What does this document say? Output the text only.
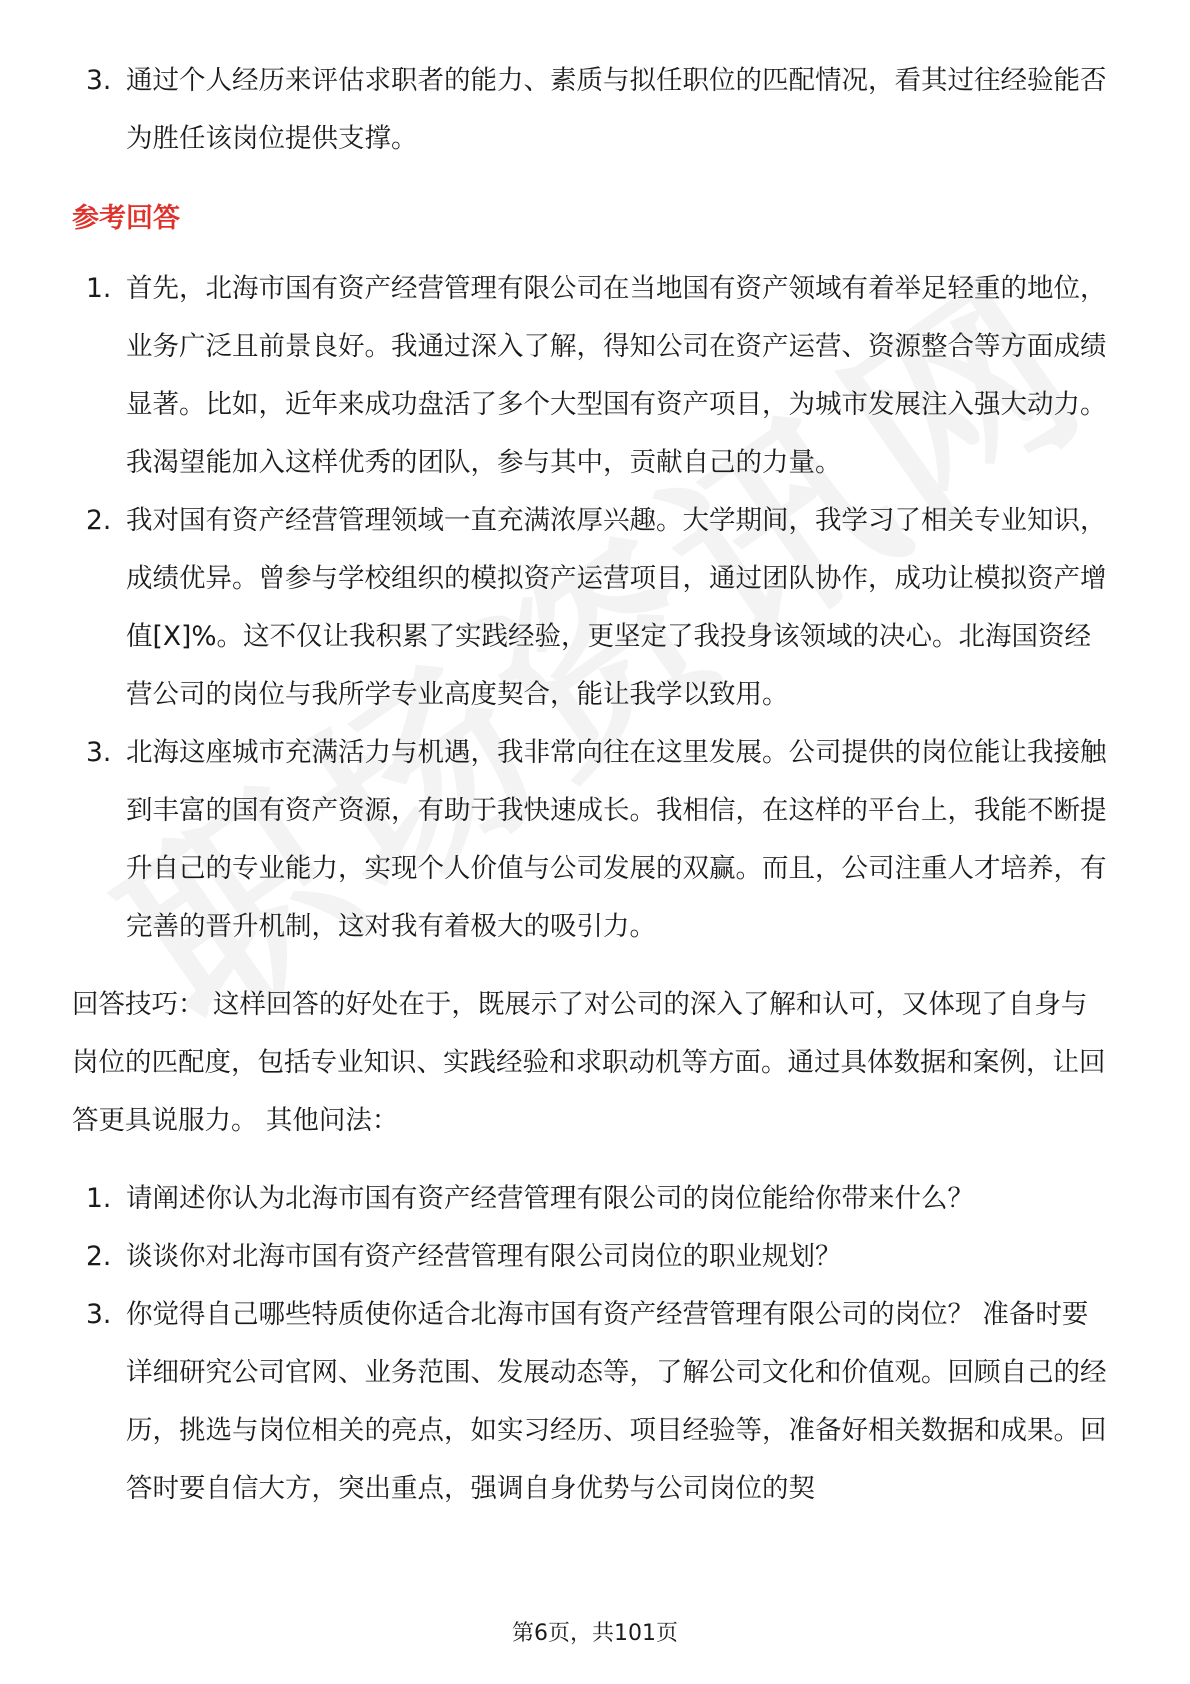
3. 通过个人经历来评估求职者的能力、素质与拟任职位的匹配情况，看其过往经验能否为胜任该岗位提供支撑。
参考回答
1. 首先，北海市国有资产经营管理有限公司在当地国有资产领域有着举足轻重的地位，业务广泛且前景良好。我通过深入了解，得知公司在资产运营、资源整合等方面成绩显著。比如，近年来成功盘活了多个大型国有资产项目，为城市发展注入强大动力。我渴望能加入这样优秀的团队，参与其中，贡献自己的力量。
2. 我对国有资产经营管理领域一直充满浓厚兴趣。大学期间，我学习了相关专业知识，成绩优异。曾参与学校组织的模拟资产运营项目，通过团队协作，成功让模拟资产增值[X]%。这不仅让我积累了实践经验，更坚定了我投身该领域的决心。北海国资经营公司的岗位与我所学专业高度契合，能让我学以致用。
3. 北海这座城市充满活力与机遇，我非常向往在这里发展。公司提供的岗位能让我接触到丰富的国有资产资源，有助于我快速成长。我相信，在这样的平台上，我能不断提升自己的专业能力，实现个人价值与公司发展的双赢。而且，公司注重人才培养，有完善的晋升机制，这对我有着极大的吸引力。

回答技巧： 这样回答的好处在于，既展示了对公司的深入了解和认可，又体现了自身与岗位的匹配度，包括专业知识、实践经验和求职动机等方面。通过具体数据和案例，让回答更具说服力。 其他问法：

1. 请阐述你认为北海市国有资产经营管理有限公司的岗位能给你带来什么？
2. 谈谈你对北海市国有资产经营管理有限公司岗位的职业规划？
3. 你觉得自己哪些特质使你适合北海市国有资产经营管理有限公司的岗位？ 准备时要详细研究公司官网、业务范围、发展动态等，了解公司文化和价值观。回顾自己的经历，挑选与岗位相关的亮点，如实习经历、项目经验等，准备好相关数据和成果。回答时要自信大方，突出重点，强调自身优势与公司岗位的契
第6页，共101页
